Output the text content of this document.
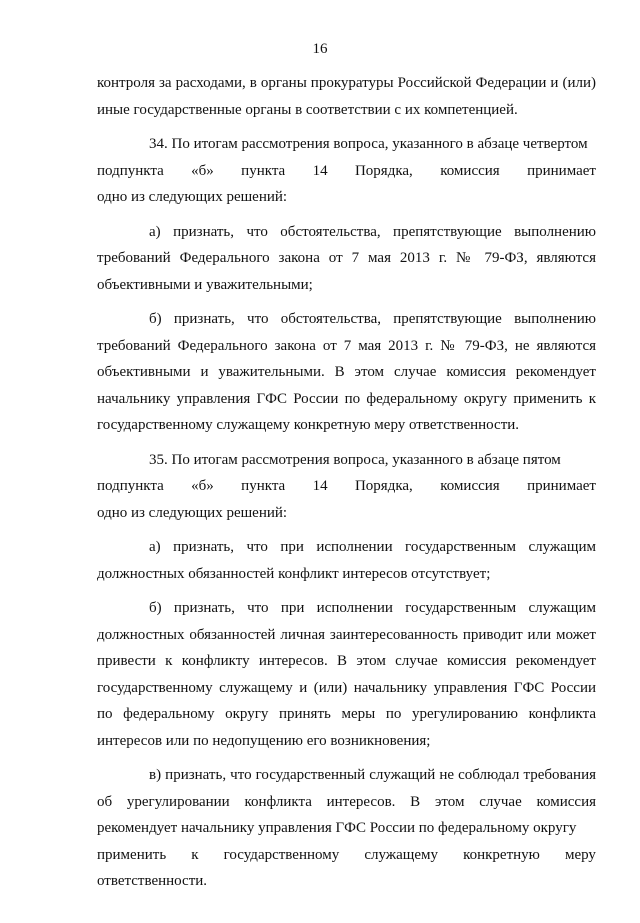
16

контроля за расходами, в органы прокуратуры Российской Федерации и (или) иные государственные органы в соответствии с их компетенцией.

34. По итогам рассмотрения вопроса, указанного в абзаце четвертом
подпункта «б» пункта 14 Порядка, комиссия принимает
одно из следующих решений:

а) признать, что обстоятельства, препятствующие выполнению требований Федерального закона от 7 мая 2013 г. № 79-ФЗ, являются объективными и уважительными;

б) признать, что обстоятельства, препятствующие выполнению требований Федерального закона от 7 мая 2013 г. № 79-ФЗ, не являются объективными и уважительными. В этом случае комиссия рекомендует начальнику управления ГФС России по федеральному округу применить к государственному служащему конкретную меру ответственности.

35. По итогам рассмотрения вопроса, указанного в абзаце пятом
подпункта «б» пункта 14 Порядка, комиссия принимает
одно из следующих решений:

а) признать, что при исполнении государственным служащим должностных обязанностей конфликт интересов отсутствует;

б) признать, что при исполнении государственным служащим должностных обязанностей личная заинтересованность приводит или может привести к конфликту интересов. В этом случае комиссия рекомендует государственному служащему и (или) начальнику управления ГФС России по федеральному округу принять меры по урегулированию конфликта интересов или по недопущению его возникновения;

в) признать, что государственный служащий не соблюдал требования об урегулировании конфликта интересов. В этом случае комиссия рекомендует начальнику управления ГФС России по федеральному округу
применить к государственному служащему конкретную меру
ответственности.
